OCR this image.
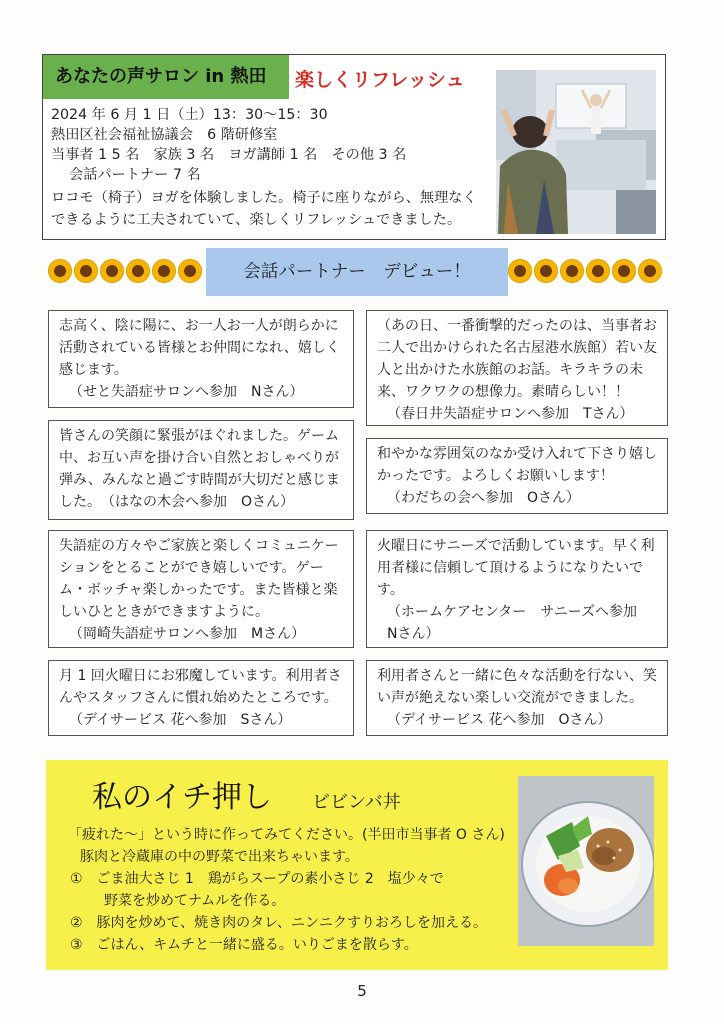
あなたの声サロン in 熱田	楽しくリフレッシュ
2024 年 6 月 1 日（土）13：30〜15：30
熱田区社会福祉協議会　6 階研修室
当事者 1 5 名　家族 3 名　ヨガ講師 1 名　その他 3 名
会話パートナー 7 名
ロコモ（椅子）ヨガを体験しました。椅子に座りながら、無理なく
できるように工夫されていて、楽しくリフレッシュできました。
会話パートナー　デビュー！
志高く、陰に陽に、お一人お一人が朗らかに活動されている皆様とお仲間になれ、嬉しく感じます。
（せと失語症サロンへ参加　Nさん）
（あの日、一番衝撃的だったのは、当事者お二人で出かけられた名古屋港水族館）若い友人と出かけた水族館のお話。キラキラの未来、ワクワクの想像力。素晴らしい！！
（春日井失語症サロンへ参加　Tさん）
皆さんの笑顔に緊張がほぐれました。ゲーム中、お互い声を掛け合い自然とおしゃべりが弾み、みんなと過ごす時間が大切だと感じました。　（はなの木会へ参加　Oさん）
和やかな雰囲気のなか受け入れて下さり嬉しかったです。よろしくお願いします！
（わだちの会へ参加　Oさん）
失語症の方々やご家族と楽しくコミュニケーションをとることができ嬉しいです。ゲーム・ボッチャ楽しかったです。また皆様と楽しいひとときができますように。
（岡崎失語症サロンへ参加　Mさん）
火曜日にサニーズで活動しています。早く利用者様に信頼して頂けるようになりたいです。
（ホームケアセンター　サニーズへ参加　Nさん）
月 1 回火曜日にお邪魔しています。利用者さんやスタッフさんに慣れ始めたところです。
（デイサービス 花へ参加　Sさん）
利用者さんと一緒に色々な活動を行ない、笑い声が絶えない楽しい交流ができました。
（デイサービス 花へ参加　Oさん）
私のイチ押し ビビンバ丼
「疲れた〜」という時に作ってみてください。(半田市当事者 O さん)
豚肉と冷蔵庫の中の野菜で出来ちゃいます。
① ごま油大さじ 1　鶏がらスープの素小さじ 2　塩少々で
野菜を炒めてナムルを作る。
② 豚肉を炒めて、焼き肉のタレ、ニンニクすりおろしを加える。
③ ごはん、キムチと一緒に盛る。いりごまを散らす。
5
